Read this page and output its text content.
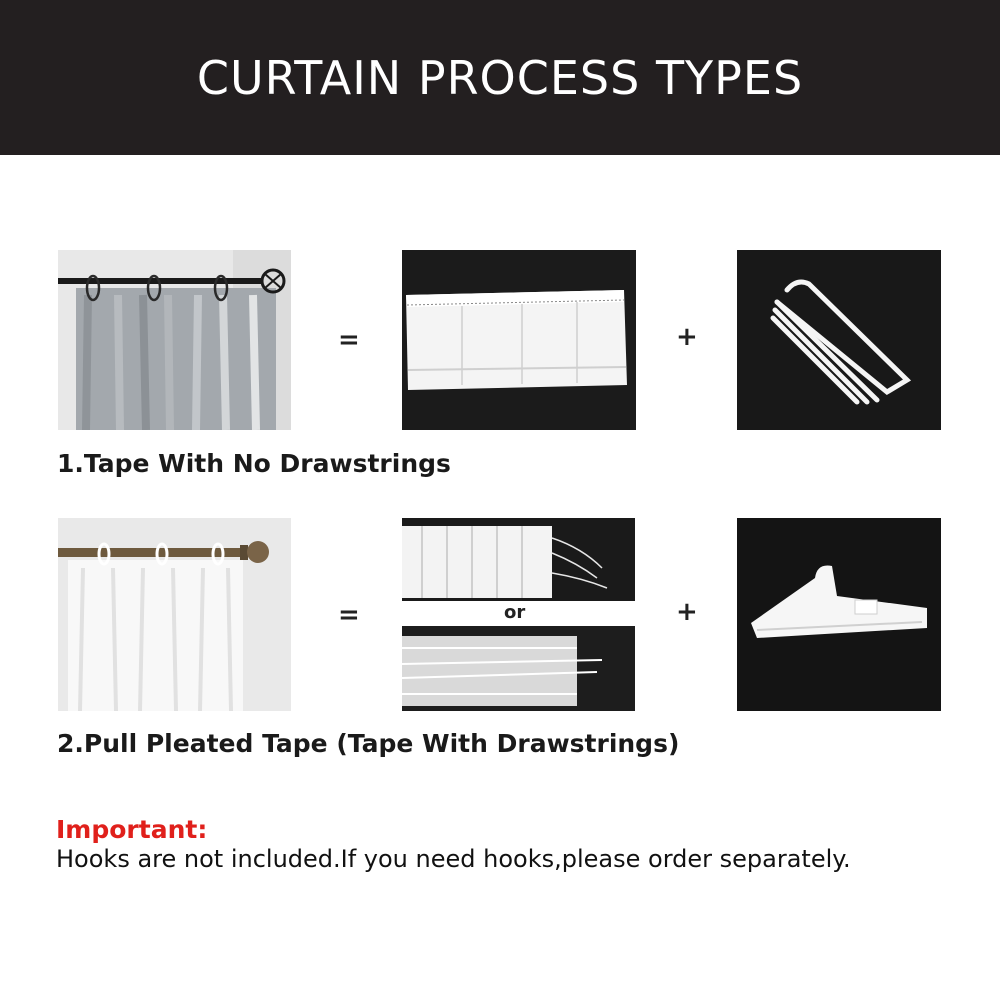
CURTAIN PROCESS TYPES
=	+
1.Tape With No Drawstrings
=	or	+
2.Pull Pleated Tape (Tape With Drawstrings)
Important:
Hooks are not included.If you need hooks,please order separately.
